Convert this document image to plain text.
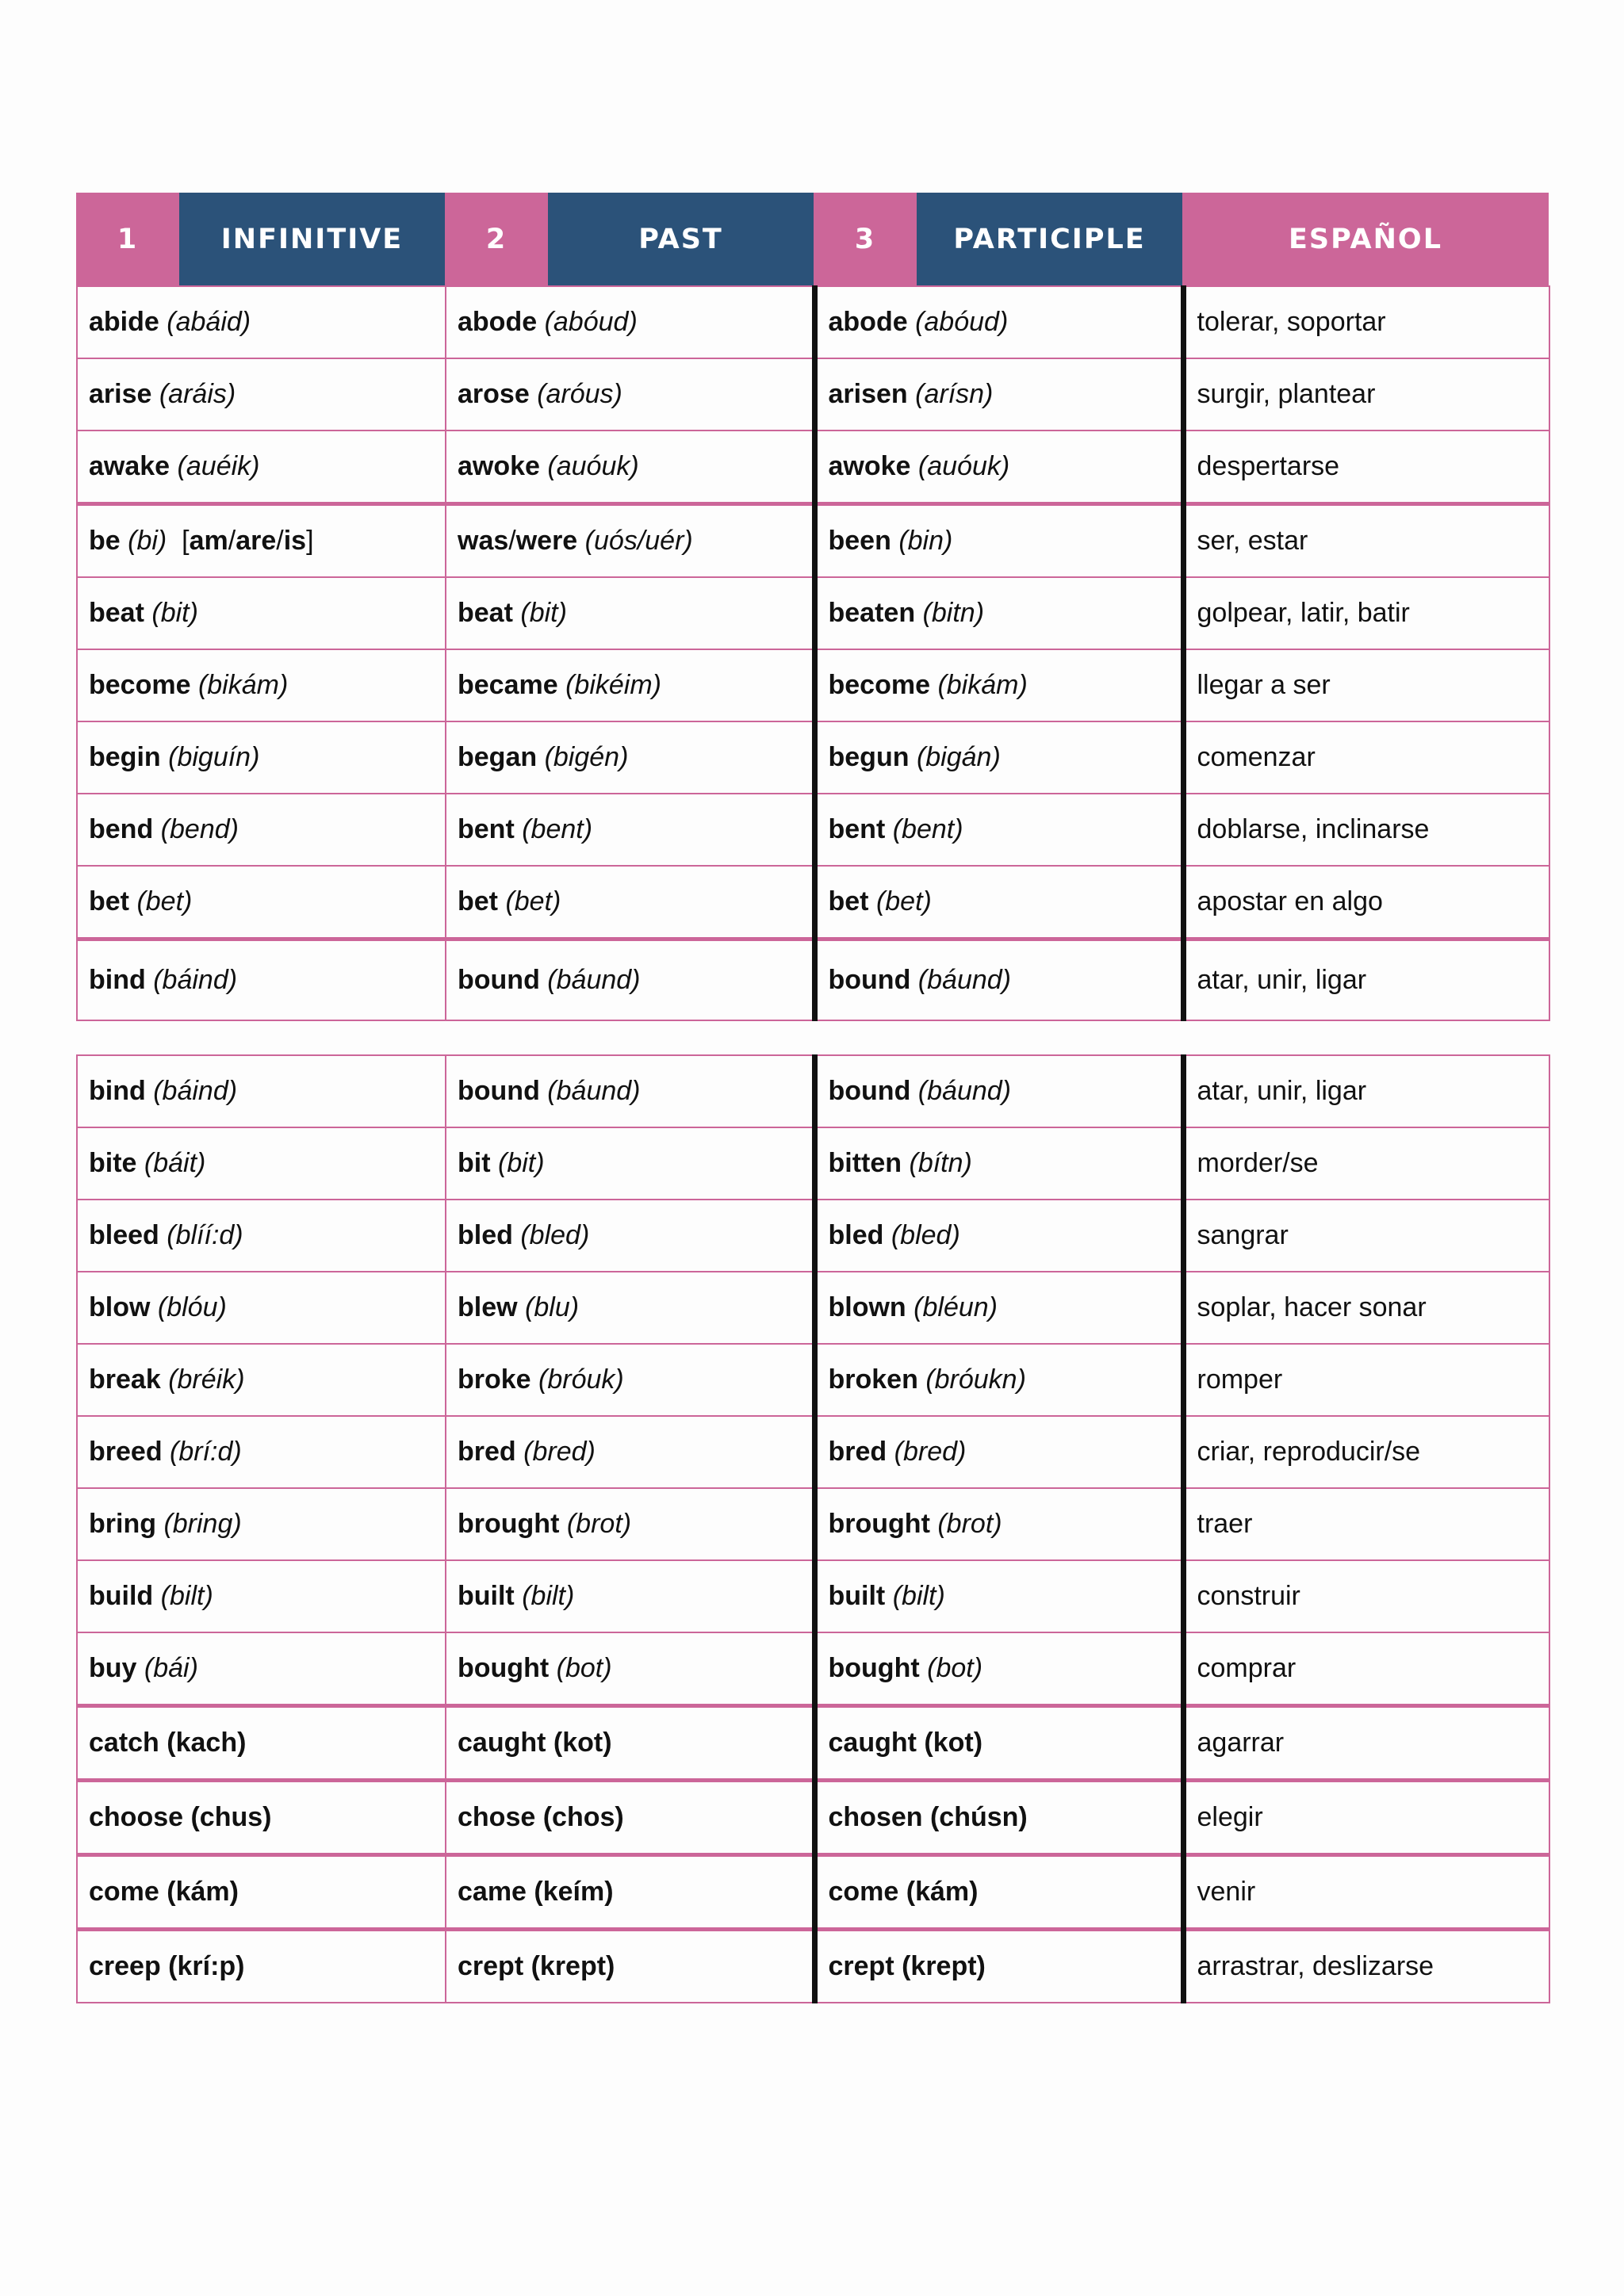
1	INFINITIVE	2	PAST	3	PARTICIPLE	ESPAÑOL
abide (abáid)	abode (abóud)	abode (abóud)	tolerar, soportar
arise (aráis)	arose (aróus)	arisen (arísn)	surgir, plantear
awake (auéik)	awoke (auóuk)	awoke (auóuk)	despertarse
be (bi)  [am/are/is]	was/were (uós/uér)	been (bin)	ser, estar
beat (bit)	beat (bit)	beaten (bitn)	golpear, latir, batir
become (bikám)	became (bikéim)	become (bikám)	llegar a ser
begin (biguín)	began (bigén)	begun (bigán)	comenzar
bend (bend)	bent (bent)	bent (bent)	doblarse, inclinarse
bet (bet)	bet (bet)	bet (bet)	apostar en algo
bind (báind)	bound (báund)	bound (báund)	atar, unir, ligar
bind (báind)	bound (báund)	bound (báund)	atar, unir, ligar
bite (báit)	bit (bit)	bitten (bítn)	morder/se
bleed (blíí:d)	bled (bled)	bled (bled)	sangrar
blow (blóu)	blew (blu)	blown (bléun)	soplar, hacer sonar
break (bréik)	broke (bróuk)	broken (bróukn)	romper
breed (brí:d)	bred (bred)	bred (bred)	criar, reproducir/se
bring (bring)	brought (brot)	brought (brot)	traer
build (bilt)	built (bilt)	built (bilt)	construir
buy (bái)	bought (bot)	bought (bot)	comprar
catch (kach)	caught (kot)	caught (kot)	agarrar
choose (chus)	chose (chos)	chosen (chúsn)	elegir
come (kám)	came (keím)	come (kám)	venir
creep (krí:p)	crept (krept)	crept (krept)	arrastrar, deslizarse
